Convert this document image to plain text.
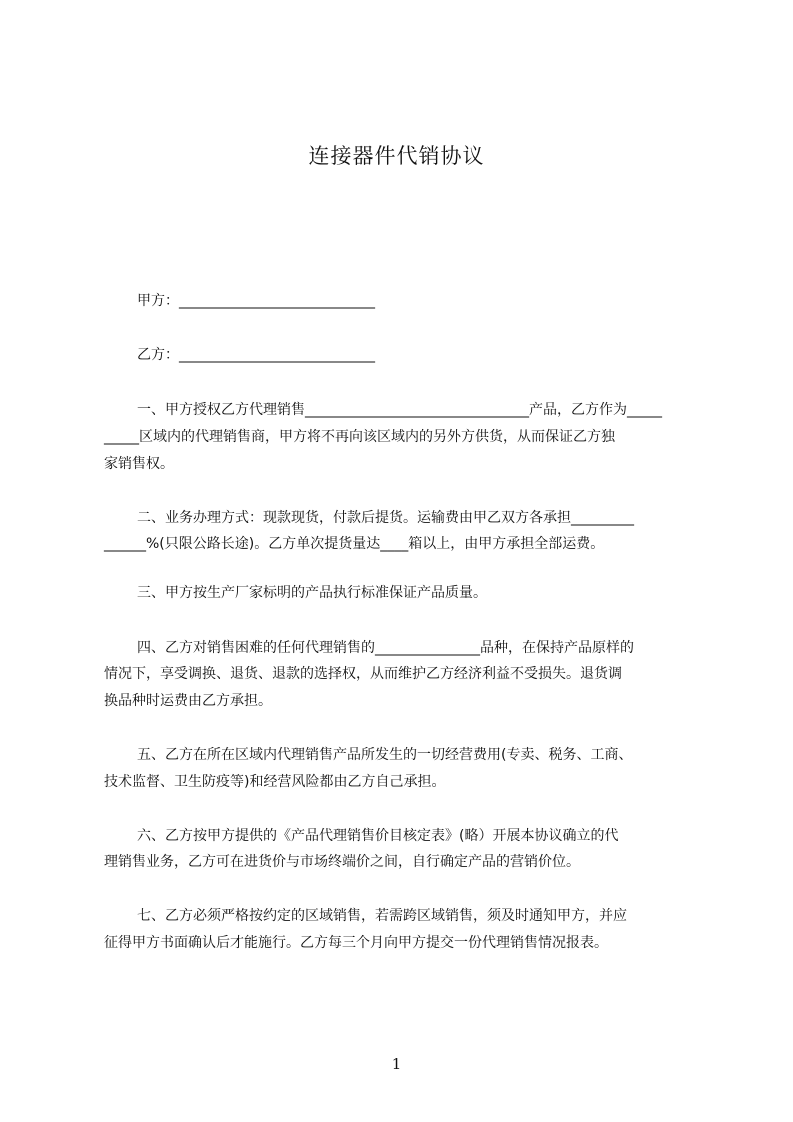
连接器件代销协议
甲方：____________________________
乙方：____________________________
一、甲方授权乙方代理销售________________________________产品，乙方作为_____
_____区域内的代理销售商，甲方将不再向该区域内的另外方供货，从而保证乙方独
家销售权。
二、业务办理方式：现款现货，付款后提货。运输费由甲乙双方各承担_________
______%(只限公路长途)。乙方单次提货量达____箱以上，由甲方承担全部运费。
三、甲方按生产厂家标明的产品执行标准保证产品质量。
四、乙方对销售困难的任何代理销售的_______________品种，在保持产品原样的
情况下，享受调换、退货、退款的选择权，从而维护乙方经济利益不受损失。退货调
换品种时运费由乙方承担。
五、乙方在所在区域内代理销售产品所发生的一切经营费用(专卖、税务、工商、
技术监督、卫生防疫等)和经营风险都由乙方自己承担。
六、乙方按甲方提供的《产品代理销售价目核定表》(略）开展本协议确立的代
理销售业务，乙方可在进货价与市场终端价之间，自行确定产品的营销价位。
七、乙方必须严格按约定的区域销售，若需跨区域销售，须及时通知甲方，并应
征得甲方书面确认后才能施行。乙方每三个月向甲方提交一份代理销售情况报表。
1
